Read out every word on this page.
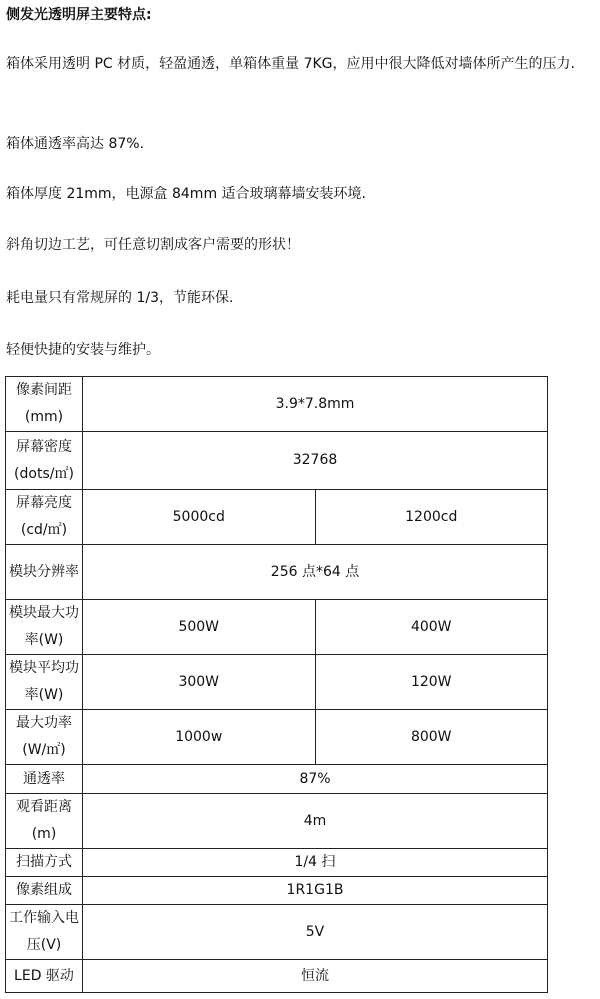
侧发光透明屏主要特点:
箱体采用透明 PC 材质，轻盈通透，单箱体重量 7KG，应用中很大降低对墙体所产生的压力.
箱体通透率高达 87%.
箱体厚度 21mm，电源盒 84mm 适合玻璃幕墙安装环境.
斜角切边工艺，可任意切割成客户需要的形状！
耗电量只有常规屏的 1/3，节能环保.
轻便快捷的安装与维护。
像素间距 (mm)	3.9*7.8mm	
屏幕密度 (dots/㎡)	32768	
屏幕亮度 (cd/㎡)	5000cd	1200cd
模块分辨率	256 点*64 点	
模块最大功率(W)	500W	400W
模块平均功率(W)	300W	120W
最大功率 (W/㎡)	1000w	800W
通透率	87%	
观看距离 (m)	4m	
扫描方式	1/4 扫	
像素组成	1R1G1B	
工作输入电压(V)	5V	
LED 驱动	恒流	
